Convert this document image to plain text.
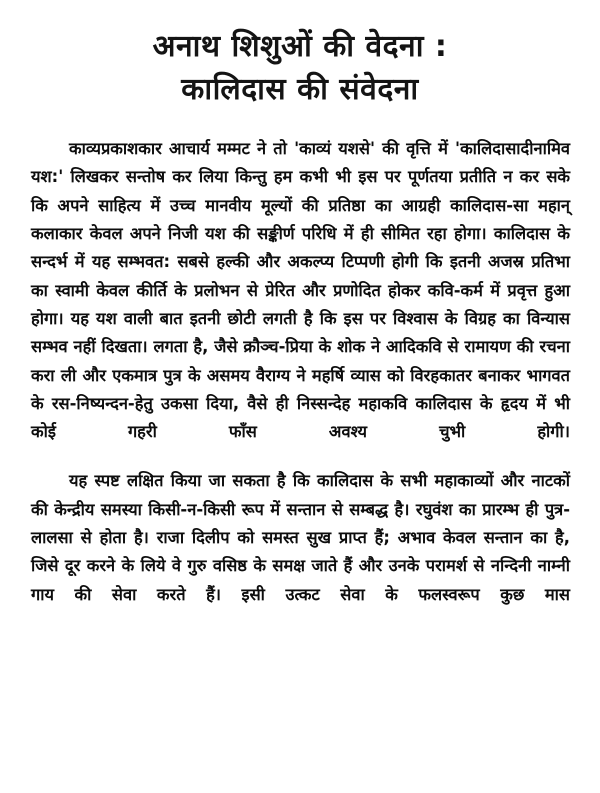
अनाथ शिशुओं की वेदना :
कालिदास की संवेदना

काव्यप्रकाशकार आचार्य मम्मट ने तो 'काव्यं यशसे' की वृत्ति में 'कालिदासादीनामिव यश:' लिखकर सन्तोष कर लिया किन्तु हम कभी भी इस पर पूर्णतया प्रतीति न कर सके कि अपने साहित्य में उच्च मानवीय मूल्यों की प्रतिष्ठा का आग्रही कालिदास-सा महान् कलाकार केवल अपने निजी यश की सङ्कीर्ण परिधि में ही सीमित रहा होगा। कालिदास के सन्दर्भ में यह सम्भवत: सबसे हल्की और अकल्प्य टिप्पणी होगी कि इतनी अजस्र प्रतिभा का स्वामी केवल कीर्ति के प्रलोभन से प्रेरित और प्रणोदित होकर कवि-कर्म में प्रवृत्त हुआ होगा। यह यश वाली बात इतनी छोटी लगती है कि इस पर विश्वास के विग्रह का विन्यास सम्भव नहीं दिखता। लगता है, जैसे क्रौञ्च-प्रिया के शोक ने आदिकवि से रामायण की रचना करा ली और एकमात्र पुत्र के असमय वैराग्य ने महर्षि व्यास को विरहकातर बनाकर भागवत के रस-निष्यन्दन-हेतु उकसा दिया, वैसे ही निस्सन्देह महाकवि कालिदास के हृदय में भी कोई गहरी फाँस अवश्य चुभी होगी।

यह स्पष्ट लक्षित किया जा सकता है कि कालिदास के सभी महाकाव्यों और नाटकों की केन्द्रीय समस्या किसी-न-किसी रूप में सन्तान से सम्बद्ध है। रघुवंश का प्रारम्भ ही पुत्र-लालसा से होता है। राजा दिलीप को समस्त सुख प्राप्त हैं; अभाव केवल सन्तान का है, जिसे दूर करने के लिये वे गुरु वसिष्ठ के समक्ष जाते हैं और उनके परामर्श से नन्दिनी नाम्नी गाय की सेवा करते हैं। इसी उत्कट सेवा के फलस्वरूप कुछ मास
